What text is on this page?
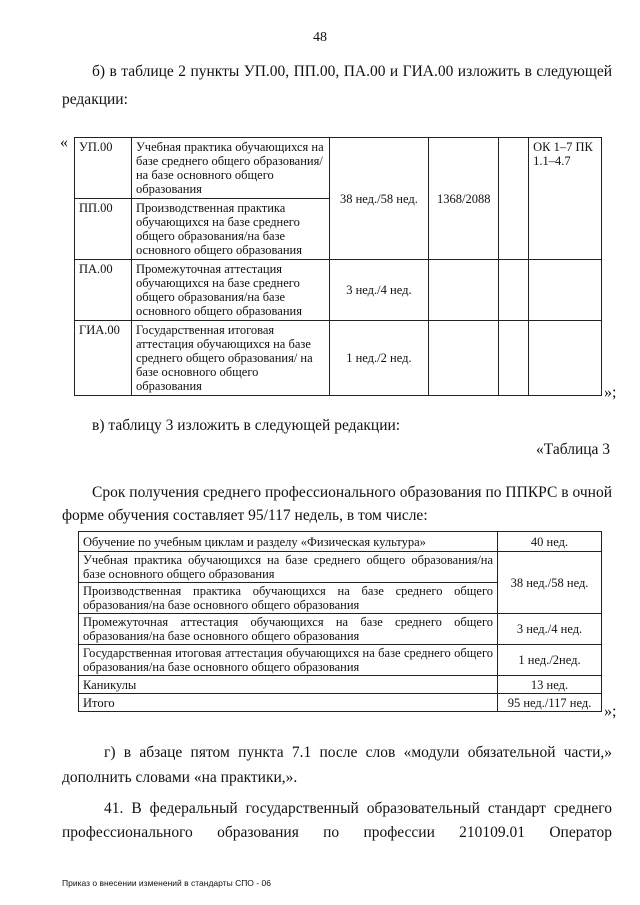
48
б) в таблице 2 пункты УП.00, ПП.00, ПА.00 и ГИА.00 изложить в следующей
редакции:
« УП.00	Учебная практика обучающихся на базе среднего общего образования/на базе основного общего образования	38 нед./58 нед.	1368/2088		ОК 1–7 ПК 1.1–4.7
ПП.00	Производственная практика обучающихся на базе среднего общего образования/на базе основного общего образования				
ПА.00	Промежуточная аттестация обучающихся на базе среднего общего образования/на базе основного общего образования	3 нед./4 нед.			
ГИА.00	Государственная итоговая аттестация обучающихся на базе среднего общего образования/ на базе основного общего образования	1 нед./2 нед.			
»;
в) таблицу 3 изложить в следующей редакции:
«Таблица 3
Срок получения среднего профессионального образования по ППКРС в очной
форме обучения составляет 95/117 недель, в том числе:
Обучение по учебным циклам и разделу «Физическая культура»	40 нед.
Учебная практика обучающихся на базе среднего общего образования/на базе основного общего образования	38 нед./58 нед.
Производственная практика обучающихся на базе среднего общего образования/на базе основного общего образования	
Промежуточная аттестация обучающихся на базе среднего общего образования/на базе основного общего образования	3 нед./4 нед.
Государственная итоговая аттестация обучающихся на базе среднего общего образования/на базе основного общего образования	1 нед./2нед.
Каникулы	13 нед.
Итого	95 нед./117 нед.
»;
г) в абзаце пятом пункта 7.1 после слов «модули обязательной части,»
дополнить словами «на практики,».
41. В федеральный государственный образовательный стандарт среднего
профессионального образования по профессии 210109.01 Оператор
Приказ о внесении изменений в стандарты СПО - 06
